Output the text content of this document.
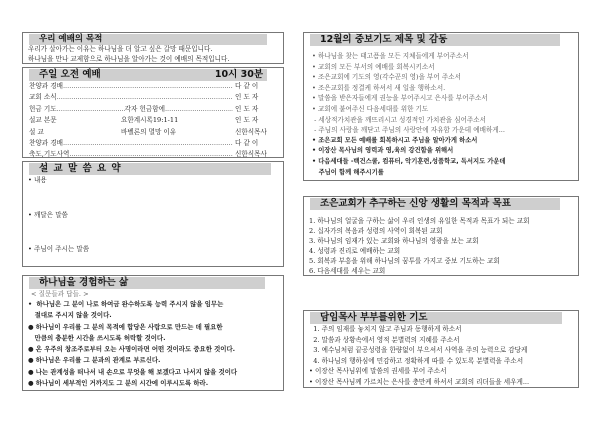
우리 예배의 목적
우리가 살아가는 이유는 하나님을 더 알고 싶은 갈망 때문입니다.
하나님을 만나 교제함으로 하나님을 알아가는 것이 예배의 목적입니다.
주일 오전 예배	10시 30분
찬양과 경배 .....	다 같 이
교회 소식 .....	인 도 자
헌금 기도 .....	각자 헌금함에 .....	인 도 자
설교 본문	요한계시록19:1-11	인 도 자
설 교	바벨론의 멸망 이유	신한식목사
찬양과 경배 .....	다 같 이
축도,기도사역 .....	신한식목사
설 교 말 씀 요 약
• 내용
• 깨달은 말씀
• 주님이 주시는 말씀
하나님을 경험하는 삶
< 질문들과 답들. >
•  하나님은 그 분이 나로 하여금 완수하도록 능력 주시지 않을 임무는
절대로 주시지 않을 것이다.
● 하나님이 우리를 그 분의 목적에 합당은 사람으로 만드는 데 필요한
만큼의 충분한 시간을 쓰시도록 허락할 것이다.
● 온 우주의 창조주로부터 오는 사명이라면 어떤 것이라도 중요한 것이다.
● 하나님은 우리를 그 분과의 관계로 부르신다.
● 나는 관계성을 떠나서 내 손으로 무엇을 해 보겠다고 나서지 않을 것이다
● 하나님이 세부적인 거까지도 그 분의 시간에 이루시도록 하라.
12월의 중보기도 제목 및 감동
• 하나님을 찾는 태고픔을 모든 지체들에게 부어주소서
• 교회의 모든 부서의 예배를 회복시키소서
• 조은교회에 기도의 영(각수꾼의 영)을 부어 주소서
• 조은교회를 정결케 하셔서 새 일을 행하소서.
• 말씀을 받은자들에게 권능을 부어주시고 은사를 부어주소서
• 교회에 붙여주신 다음세대를 위한 기도
- 세상적가치관을 깨뜨리시고 성경적인 가치관을 심어주소서
- 주님의 사랑을 깨닫고 주님의 사랑안에 자유함 가운데 예배하게...
• 조은교회 모든 예배를 회복하시고 주님을 알아가게 하소서
• 이장산 목사님의 영력과 영,육의 강건함을 위해서
• 다음세대들 -백건스쿨, 컴퓨터, 악기훈련,성품학교, 독서지도 가운데
주님이 함께 해주시기를
조은교회가 추구하는 신앙 생활의 목적과 목표
1. 하나님의 얼굴을 구하는 삶이 우리 인생의 유일한 목적과 목표가 되는 교회
2. 십자가의 복음과 성령의 사역이 회복된 교회
3. 하나님의 임재가 있는 교회와 하나님의 영광을 보는 교회
4. 성령과 진리로 예배하는 교회
5. 회복과 부흥을 위해 하나님의 꿈투를 가지고 중보 기도하는 교회
6. 다음세대를 세우는 교회
담임목사 부부를위한 기도
1. 주의 임재를 놓치지 않고 주님과 동행하게 하소서
2. 말씀과 상황속에서 영적 분별력의 지혜를 주소서
3. 예수님처럼 끝공성령을 한량없이 부으셔서 사역을 주의 능력으로 감당케
4. 하나님의 행하심에 민감하고 정확하게 따를 수 있도록 분별력을 주소서
• 이장산 목사님위에 말씀의 권세를 부어 주소서
• 이장산 목사님께 가르치는 은사를 충만케 하셔서 교회의 리더들을 세우게...
